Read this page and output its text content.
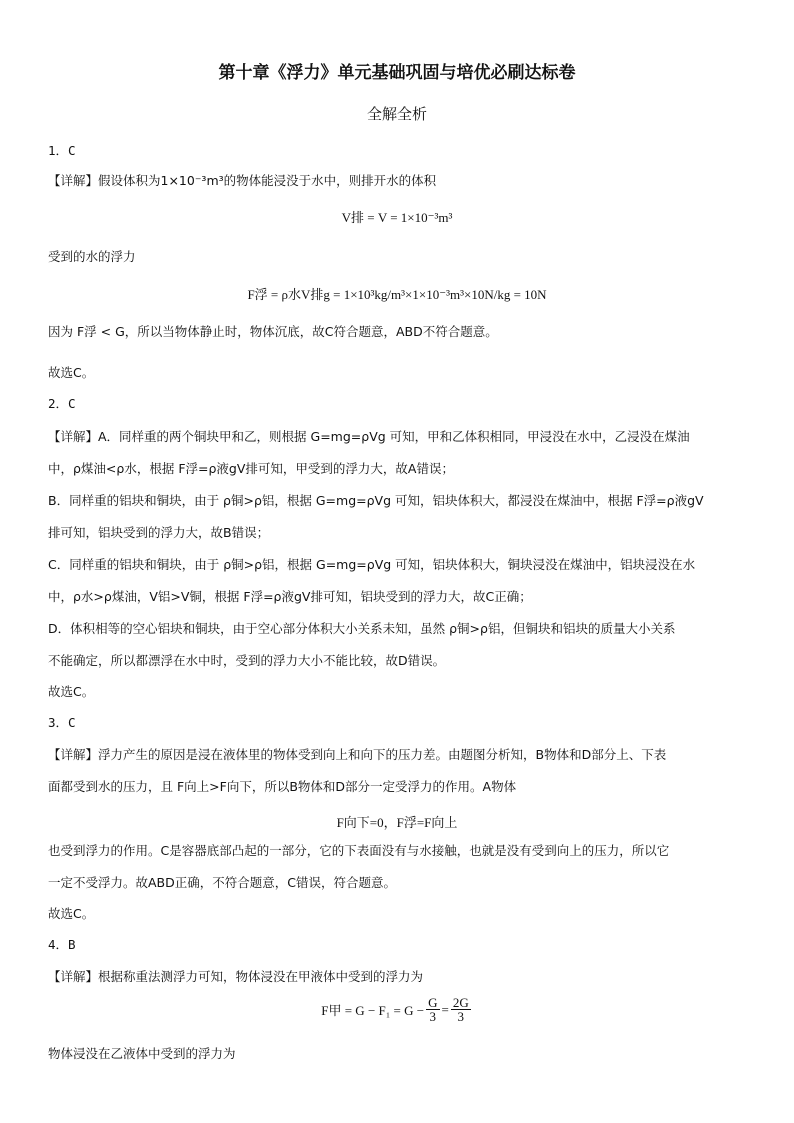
第十章《浮力》单元基础巩固与培优必刷达标卷
全解全析
1．C
【详解】假设体积为1×10⁻³m³的物体能浸没于水中，则排开水的体积
V排 = V = 1×10⁻³m³
受到的水的浮力
F浮 = ρ水V排g = 1×10³kg/m³×1×10⁻³m³×10N/kg = 10N
因为 F浮 < G，所以当物体静止时，物体沉底，故C符合题意，ABD不符合题意。
故选C。
2．C
【详解】A．同样重的两个铜块甲和乙，则根据 G=mg=ρVg 可知，甲和乙体积相同，甲浸没在水中，乙浸没在煤油
中，ρ煤油<ρ水，根据 F浮=ρ液gV排可知，甲受到的浮力大，故A错误；
B．同样重的铝块和铜块，由于 ρ铜>ρ铝，根据 G=mg=ρVg 可知，铝块体积大，都浸没在煤油中，根据 F浮=ρ液gV
排可知，铝块受到的浮力大，故B错误；
C．同样重的铝块和铜块，由于 ρ铜>ρ铝，根据 G=mg=ρVg 可知，铝块体积大，铜块浸没在煤油中，铝块浸没在水
中，ρ水>ρ煤油，V铝>V铜，根据 F浮=ρ液gV排可知，铝块受到的浮力大，故C正确；
D．体积相等的空心铝块和铜块，由于空心部分体积大小关系未知，虽然 ρ铜>ρ铝，但铜块和铝块的质量大小关系
不能确定，所以都漂浮在水中时，受到的浮力大小不能比较，故D错误。
故选C。
3．C
【详解】浮力产生的原因是浸在液体里的物体受到向上和向下的压力差。由题图分析知，B物体和D部分上、下表
面都受到水的压力，且 F向上>F向下，所以B物体和D部分一定受浮力的作用。A物体
F向下=0，F浮=F向上
也受到浮力的作用。C是容器底部凸起的一部分，它的下表面没有与水接触，也就是没有受到向上的压力，所以它
一定不受浮力。故ABD正确，不符合题意，C错误，符合题意。
故选C。
4．B
【详解】根据称重法测浮力可知，物体浸没在甲液体中受到的浮力为
F甲 = $G - F_1 = G - \frac{G}{3} = \frac{2G}{3}$
物体浸没在乙液体中受到的浮力为
